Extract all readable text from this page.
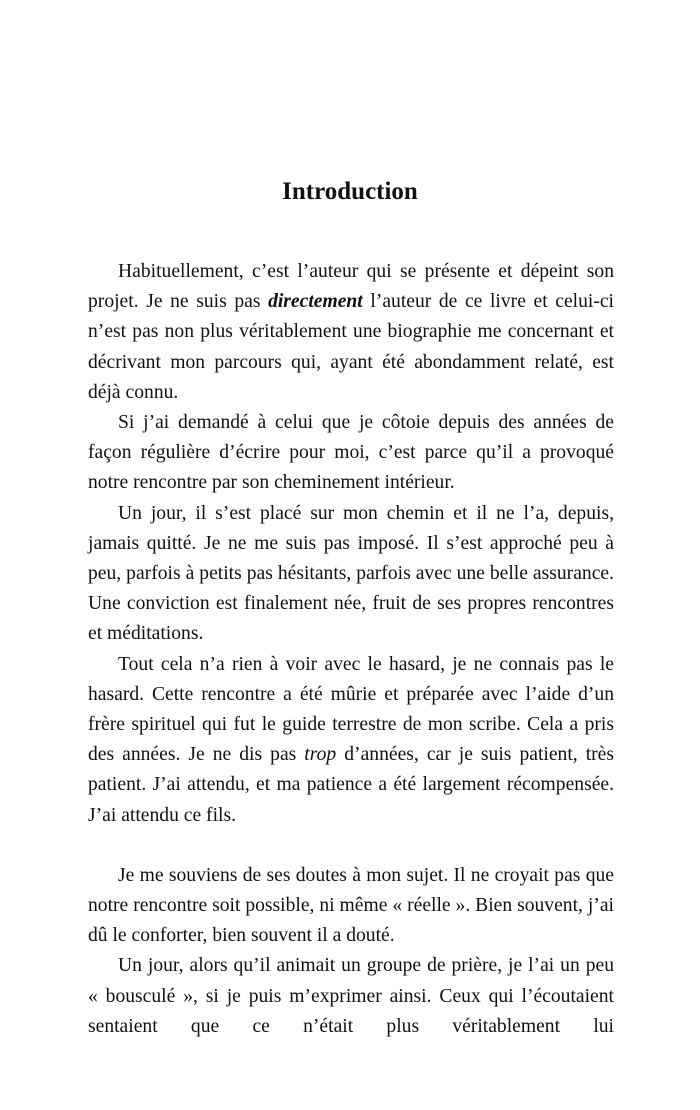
Introduction

Habituellement, c’est l’auteur qui se présente et dépeint son projet. Je ne suis pas directement l’auteur de ce livre et celui-ci n’est pas non plus véritablement une biographie me concernant et décrivant mon parcours qui, ayant été abondamment relaté, est déjà connu.

Si j’ai demandé à celui que je côtoie depuis des années de façon régulière d’écrire pour moi, c’est parce qu’il a provoqué notre rencontre par son cheminement intérieur.

Un jour, il s’est placé sur mon chemin et il ne l’a, depuis, jamais quitté. Je ne me suis pas imposé. Il s’est approché peu à peu, parfois à petits pas hésitants, parfois avec une belle assurance. Une conviction est finalement née, fruit de ses propres rencontres et méditations.

Tout cela n’a rien à voir avec le hasard, je ne connais pas le hasard. Cette rencontre a été mûrie et préparée avec l’aide d’un frère spirituel qui fut le guide terrestre de mon scribe. Cela a pris des années. Je ne dis pas trop d’années, car je suis patient, très patient. J’ai attendu, et ma patience a été largement récompensée. J’ai attendu ce fils.

Je me souviens de ses doutes à mon sujet. Il ne croyait pas que notre rencontre soit possible, ni même « réelle ». Bien souvent, j’ai dû le conforter, bien souvent il a douté.

Un jour, alors qu’il animait un groupe de prière, je l’ai un peu « bousculé », si je puis m’exprimer ainsi. Ceux qui l’écoutaient sentaient que ce n’était plus véritablement lui
